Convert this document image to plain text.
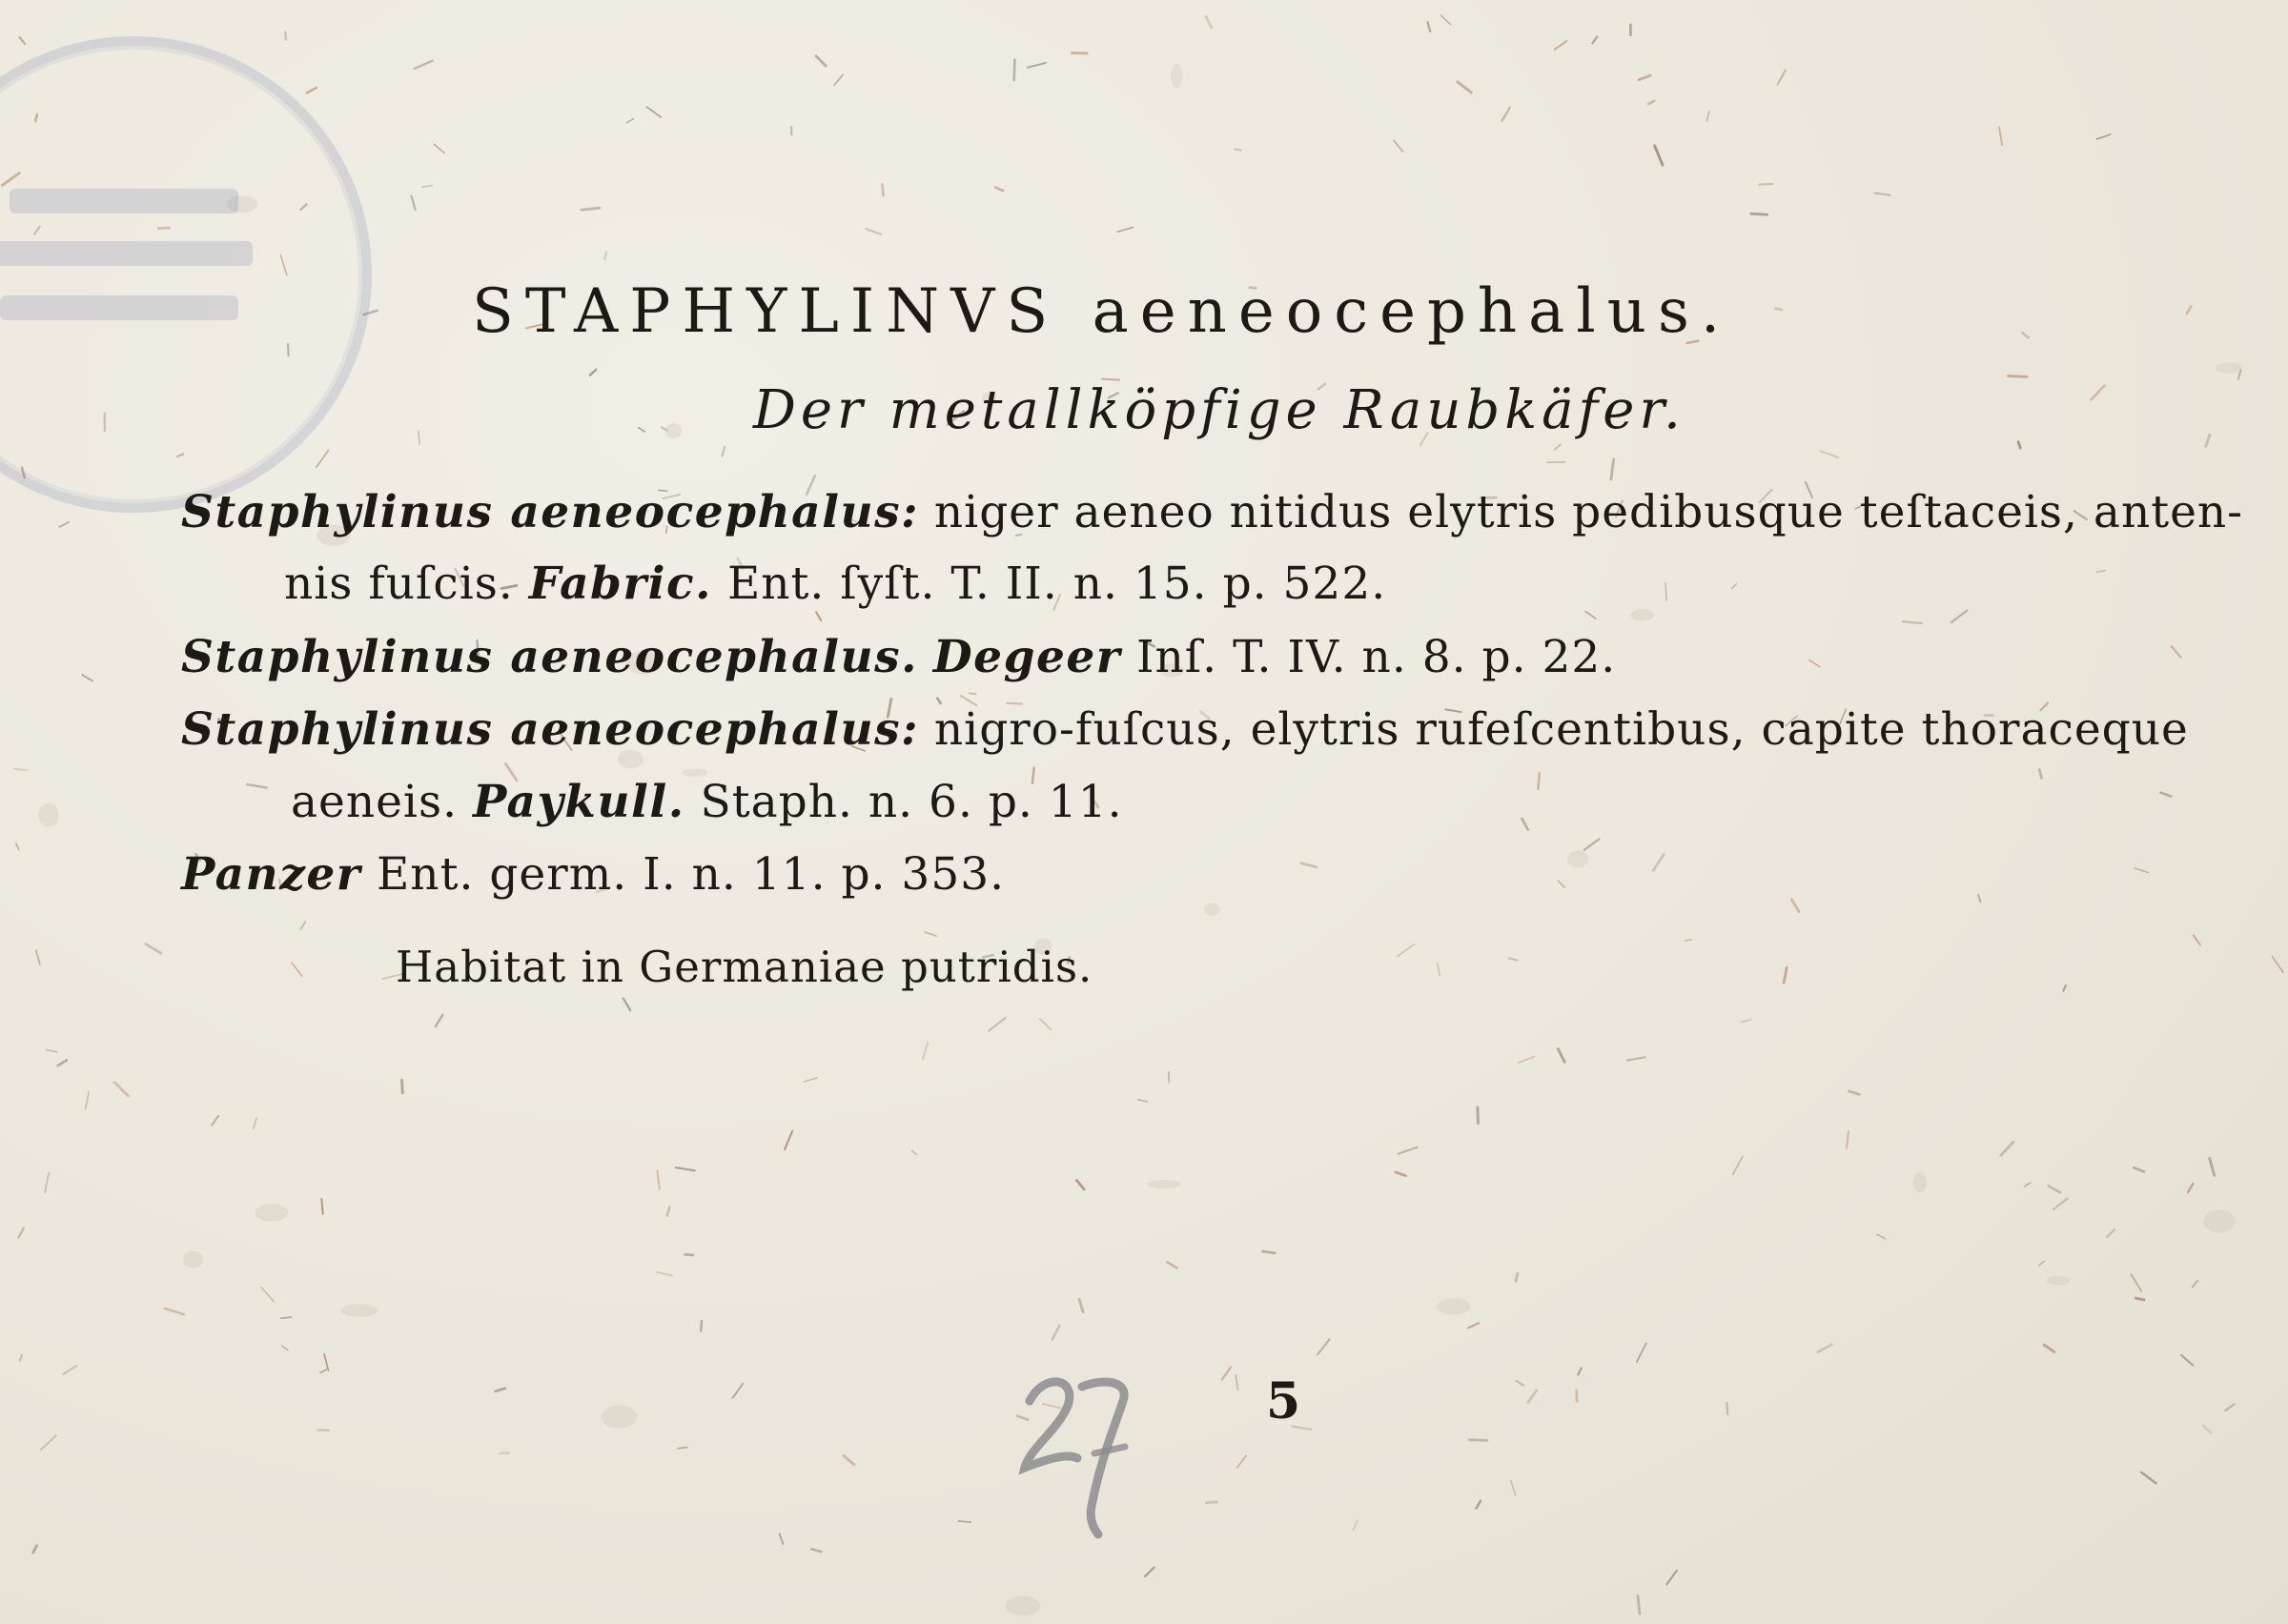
STAPHYLINVS aeneocephalus.
Der metallköpfige Raubkäfer.
Staphylinus aeneocephalus: niger aeneo nitidus elytris pedibusque teſtaceis, anten-
nis fuſcis. Fabric. Ent. ſyſt. T. II. n. 15. p. 522.
Staphylinus aeneocephalus. Degeer Inſ. T. IV. n. 8. p. 22.
Staphylinus aeneocephalus: nigro-fuſcus, elytris rufeſcentibus, capite thoraceque
aeneis. Paykull. Staph. n. 6. p. 11.
Panzer Ent. germ. I. n. 11. p. 353.
Habitat in Germaniae putridis.
5
